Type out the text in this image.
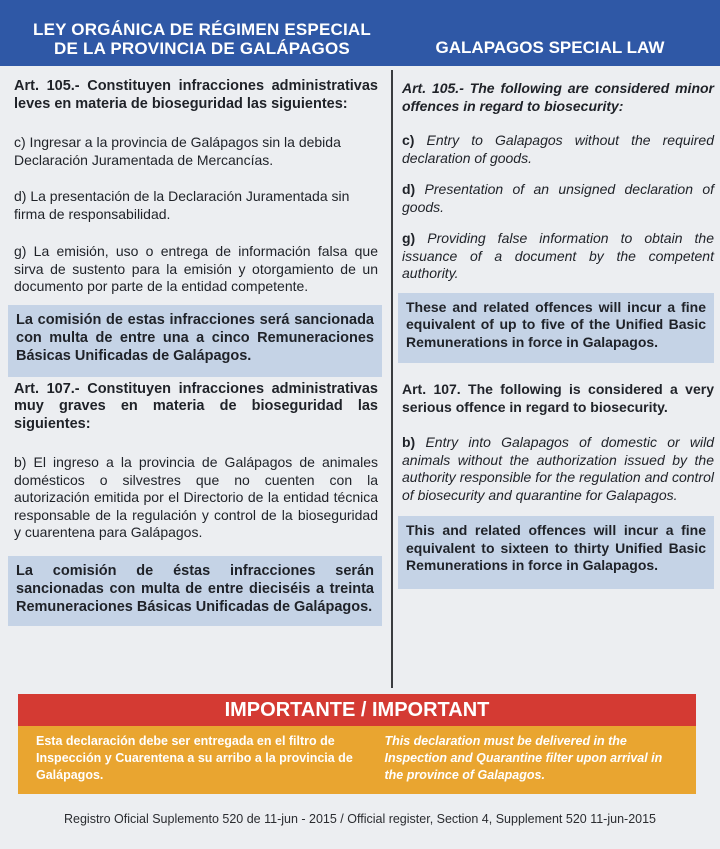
LEY ORGÁNICA DE RÉGIMEN ESPECIAL
DE LA PROVINCIA DE GALÁPAGOS	GALAPAGOS SPECIAL LAW

Art. 105.- Constituyen infracciones administrativas leves en materia de bioseguridad las siguientes:

c) Ingresar a la provincia de Galápagos sin la debida Declaración Juramentada de Mercancías.

d) La presentación de la Declaración Juramentada sin firma de responsabilidad.

g) La emisión, uso o entrega de información falsa que sirva de sustento para la emisión y otorgamiento de un documento por parte de la entidad competente.

La comisión de estas infracciones será sancionada con multa de entre una a cinco Remuneraciones Básicas Unificadas de Galápagos.

Art. 107.- Constituyen infracciones administrativas muy graves en materia de bioseguridad las siguientes:

b) El ingreso a la provincia de Galápagos de animales domésticos o silvestres que no cuenten con la autorización emitida por el Directorio de la entidad técnica responsable de la regulación y control de la bioseguridad y cuarentena para Galápagos.

La comisión de éstas infracciones serán sancionadas con multa de entre dieciséis a treinta Remuneraciones Básicas Unificadas de Galápagos.

Art. 105.- The following are considered minor offences in regard to biosecurity:

c) Entry to Galapagos without the required declaration of goods.

d) Presentation of an unsigned declaration of goods.

g) Providing false information to obtain the issuance of a document by the competent authority.

These and related offences will incur a fine equivalent of up to five of the Unified Basic Remunerations in force in Galapagos.

Art. 107. The following is considered a very serious offence in regard to biosecurity.

b) Entry into Galapagos of domestic or wild animals without the authorization issued by the authority responsible for the regulation and control of biosecurity and quarantine for Galapagos.

This and related offences will incur a fine equivalent to sixteen to thirty Unified Basic Remunerations in force in Galapagos.

IMPORTANTE / IMPORTANT
Esta declaración debe ser entregada en el filtro de Inspección y Cuarentena a su arribo a la provincia de Galápagos.
This declaration must be delivered in the Inspection and Quarantine filter upon arrival in the province of Galapagos.
Registro Oficial Suplemento 520 de 11-jun - 2015 / Official register, Section 4, Supplement 520 11-jun-2015
